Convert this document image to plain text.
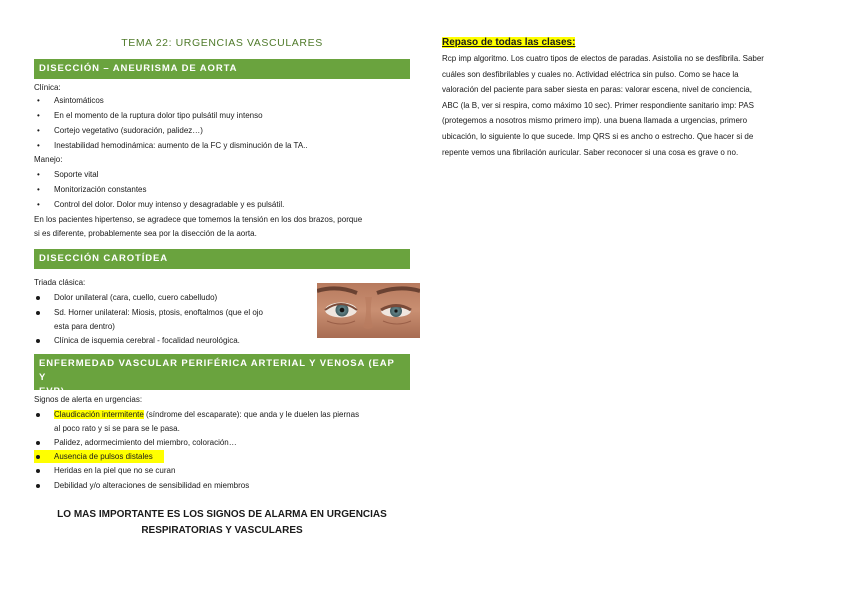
TEMA 22: URGENCIAS VASCULARES
DISECCIÓN – ANEURISMA DE AORTA
Clínica:
• Asintomáticos
• En el momento de la ruptura dolor tipo pulsátil muy intenso
• Cortejo vegetativo (sudoración, palidez…)
• Inestabilidad hemodinámica: aumento de la FC y disminución de la TA..
Manejo:
• Soporte vital
• Monitorización constantes
• Control del dolor. Dolor muy intenso y desagradable y es pulsátil.
En los pacientes hipertenso, se agradece que tomemos la tensión en los dos brazos, porque
si es diferente, probablemente sea por la disección de la aorta.
DISECCIÓN CAROTÍDEA
Triada clásica:
Dolor unilateral (cara, cuello, cuero cabelludo)
Sd. Horner unilateral: Miosis, ptosis, enoftalmos (que el ojo
esta para dentro)
Clínica de isquemia cerebral - focalidad neurológica.
ENFERMEDAD VASCULAR PERIFÉRICA ARTERIAL Y VENOSA (EAP Y
EVP)
Signos de alerta en urgencias:
Claudicación intermitente (síndrome del escaparate): que anda y le duelen las piernas
al poco rato y si se para se le pasa.
Palidez, adormecimiento del miembro, coloración…
Ausencia de pulsos distales
Heridas en la piel que no se curan
Debilidad y/o alteraciones de sensibilidad en miembros
LO MAS IMPORTANTE ES LOS SIGNOS DE ALARMA EN URGENCIAS
RESPIRATORIAS Y VASCULARES
Repaso de todas las clases:
Rcp imp algoritmo. Los cuatro tipos de electos de paradas. Asistolia no se desfibrila. Saber
cuáles son desfibrilables y cuales no. Actividad eléctrica sin pulso. Como se hace la
valoración del paciente para saber siesta en paras: valorar escena, nivel de conciencia,
ABC (la B, ver si respira, como máximo 10 sec). Primer respondiente sanitario imp: PAS
(protegemos a nosotros mismo primero imp). una buena llamada a urgencias, primero
ubicación, lo siguiente lo que sucede. Imp QRS si es ancho o estrecho. Que hacer si de
repente vemos una fibrilación auricular. Saber reconocer si una cosa es grave o no.
